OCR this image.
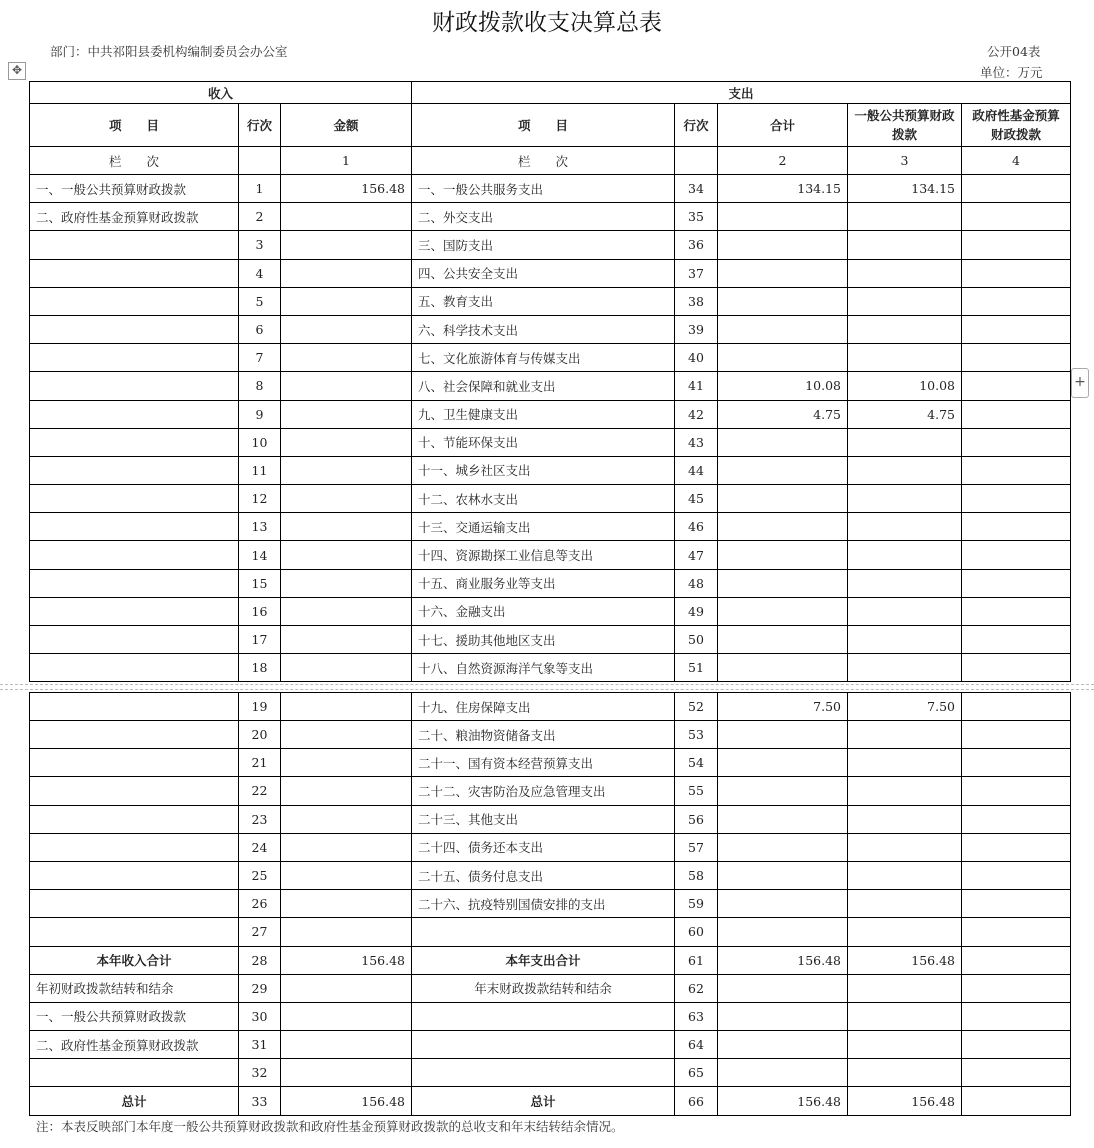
财政拨款收支决算总表
部门：中共祁阳县委机构编制委员会办公室	公开04表
单位：万元
✥
+
收入			支出				
项　　目	行次	金额	项　　目	行次	合计	一般公共预算财政拨款	政府性基金预算财政拨款
栏　　次		1	栏　　次		2	3	4
一、一般公共预算财政拨款	1	156.48	一、一般公共服务支出	34	134.15	134.15	
二、政府性基金预算财政拨款	2		二、外交支出	35			
	3		三、国防支出	36			
	4		四、公共安全支出	37			
	5		五、教育支出	38			
	6		六、科学技术支出	39			
	7		七、文化旅游体育与传媒支出	40			
	8		八、社会保障和就业支出	41	10.08	10.08	
	9		九、卫生健康支出	42	4.75	4.75	
	10		十、节能环保支出	43			
	11		十一、城乡社区支出	44			
	12		十二、农林水支出	45			
	13		十三、交通运输支出	46			
	14		十四、资源勘探工业信息等支出	47			
	15		十五、商业服务业等支出	48			
	16		十六、金融支出	49			
	17		十七、援助其他地区支出	50			
	18		十八、自然资源海洋气象等支出	51			
	19		十九、住房保障支出	52	7.50	7.50	
	20		二十、粮油物资储备支出	53			
	21		二十一、国有资本经营预算支出	54			
	22		二十二、灾害防治及应急管理支出	55			
	23		二十三、其他支出	56			
	24		二十四、债务还本支出	57			
	25		二十五、债务付息支出	58			
	26		二十六、抗疫特别国债安排的支出	59			
	27			60			
本年收入合计	28	156.48	本年支出合计	61	156.48	156.48	
年初财政拨款结转和结余	29		年末财政拨款结转和结余	62			
一、一般公共预算财政拨款	30			63			
二、政府性基金预算财政拨款	31			64			
	32			65			
总计	33	156.48	总计	66	156.48	156.48	
注：本表反映部门本年度一般公共预算财政拨款和政府性基金预算财政拨款的总收支和年末结转结余情况。
